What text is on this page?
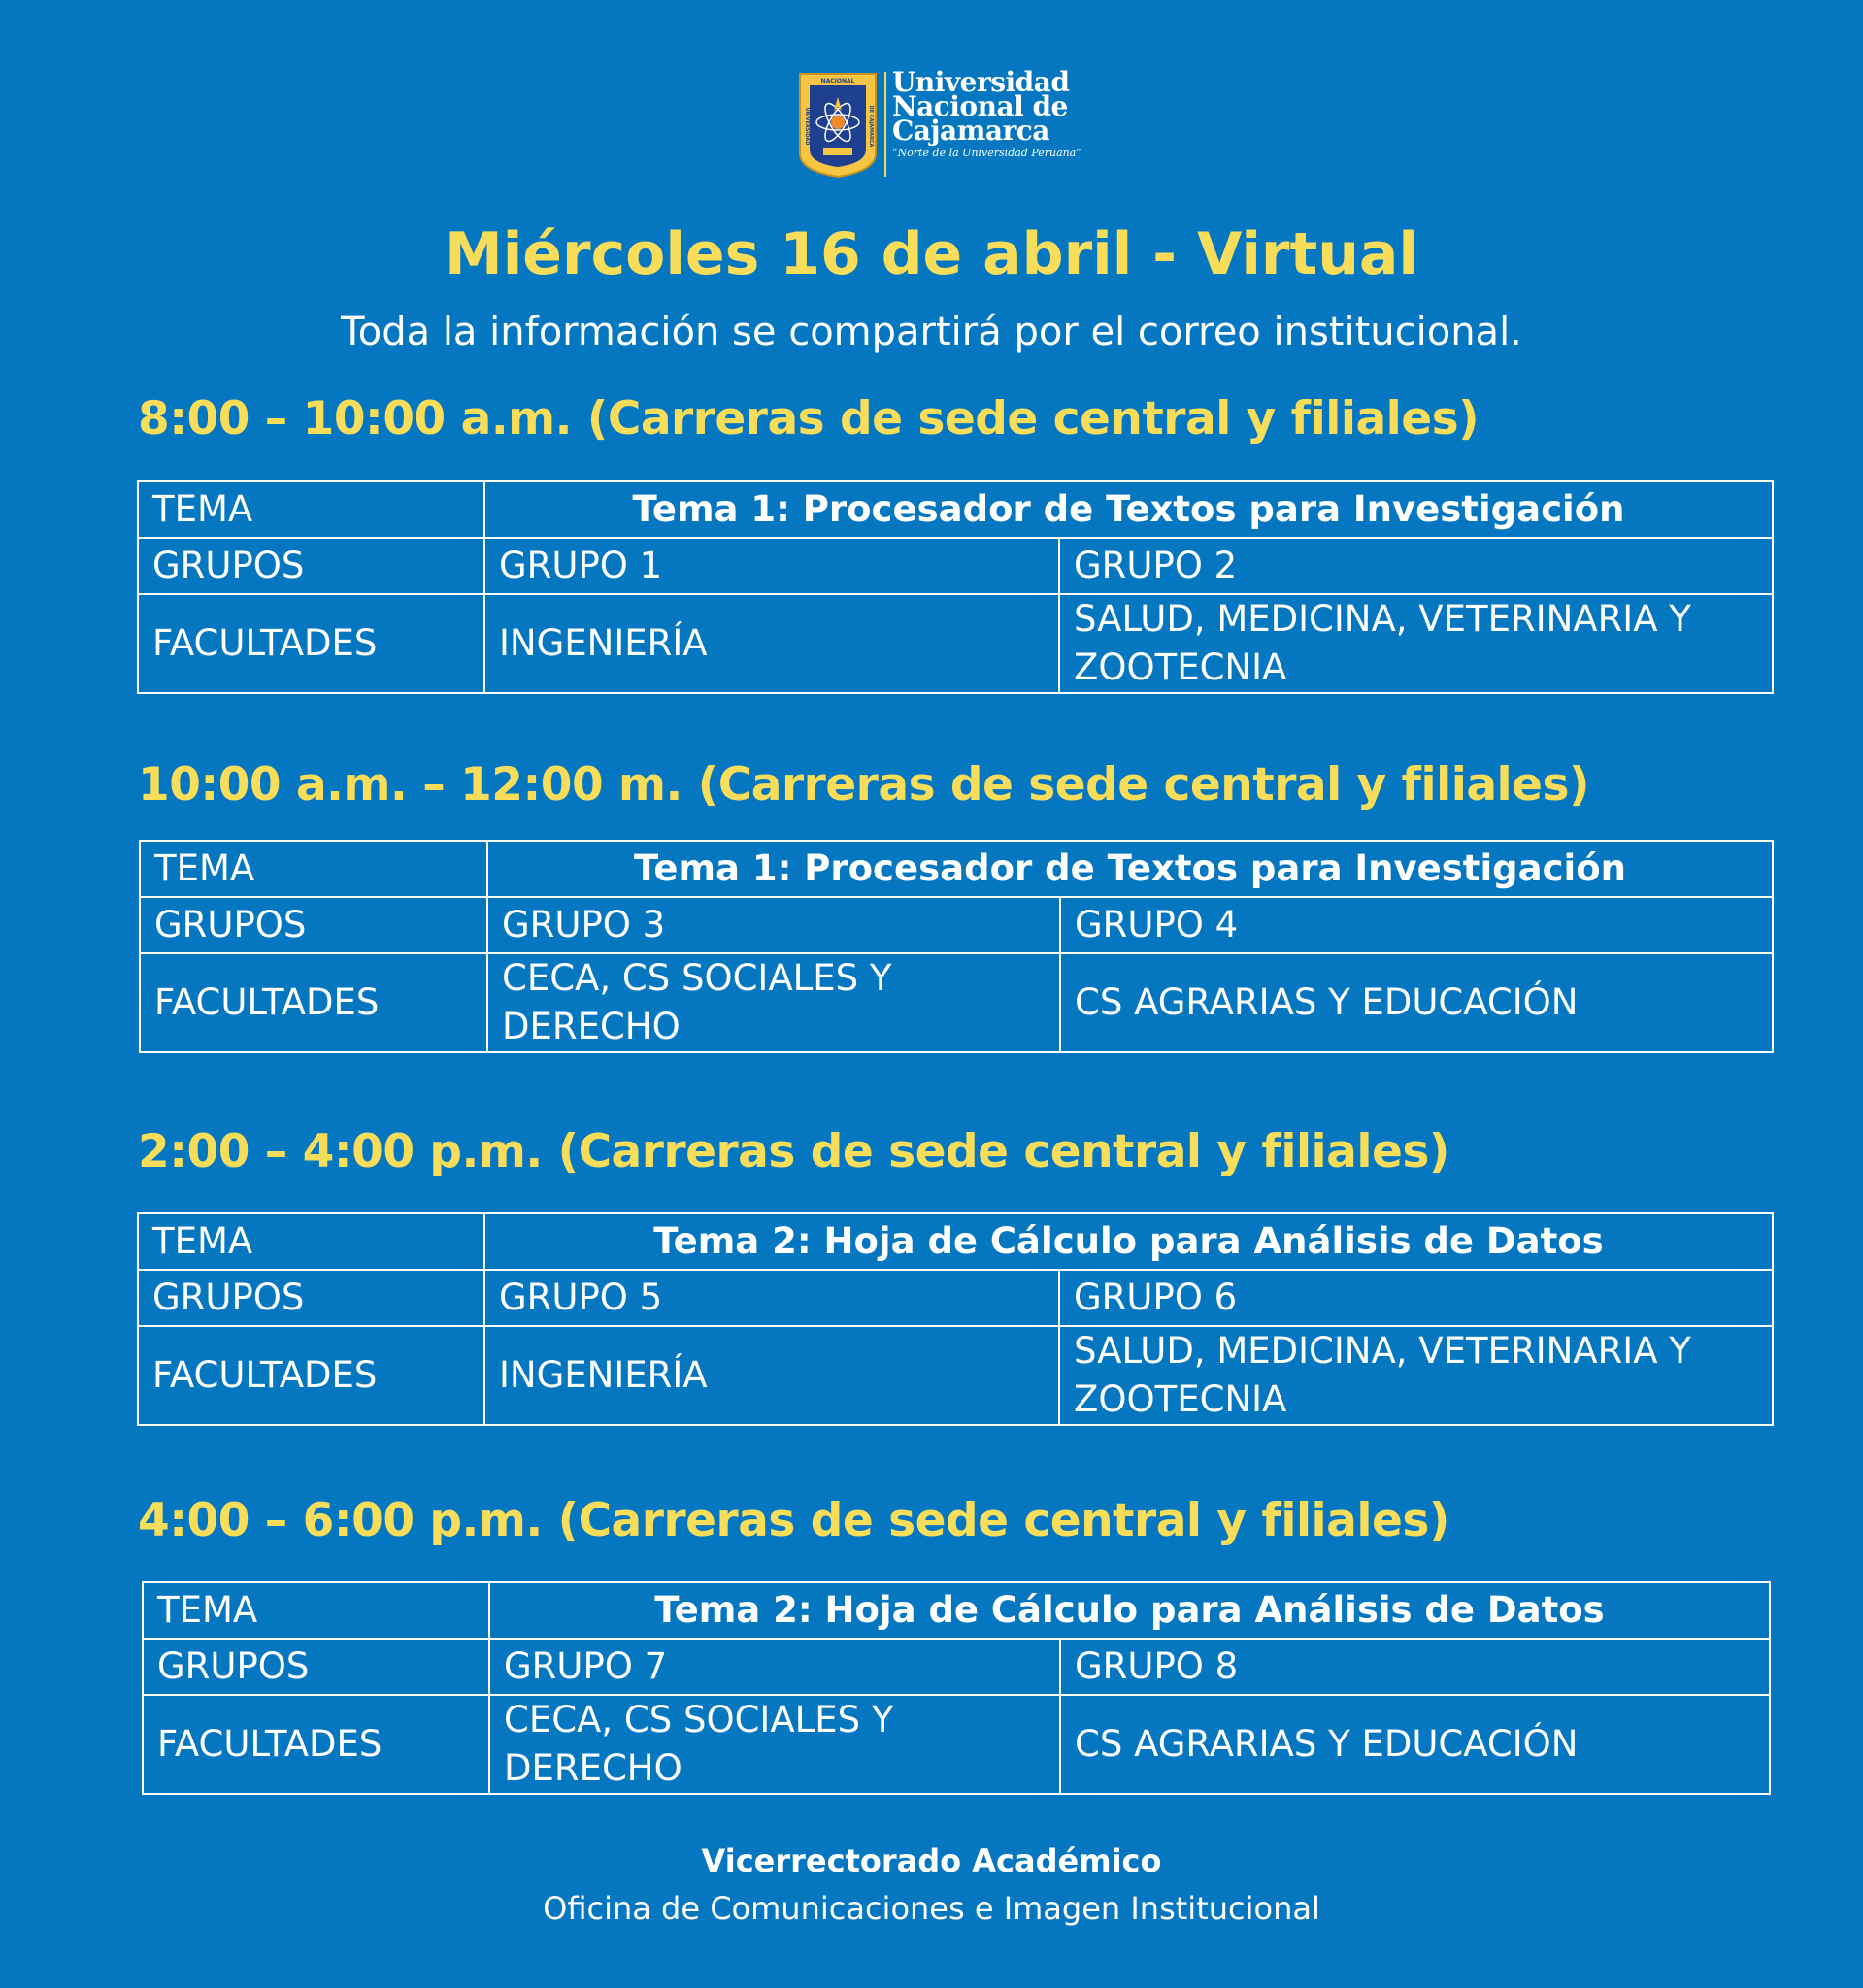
NACIONAL
UNIVERSIDAD	DE CAJAMARCA
Universidad
Nacional de
Cajamarca
“Norte de la Universidad Peruana”
Miércoles 16 de abril - Virtual
Toda la información se compartirá por el correo institucional.
8:00 – 10:00 a.m. (Carreras de sede central y filiales)
TEMA	Tema 1: Procesador de Textos para Investigación	
GRUPOS	GRUPO 1	GRUPO 2
FACULTADES	INGENIERÍA	SALUD, MEDICINA, VETERINARIA Y ZOOTECNIA
10:00 a.m. – 12:00 m. (Carreras de sede central y filiales)
TEMA	Tema 1: Procesador de Textos para Investigación	
GRUPOS	GRUPO 3	GRUPO 4
FACULTADES	CECA, CS SOCIALES Y DERECHO	CS AGRARIAS Y EDUCACIÓN
2:00 – 4:00 p.m. (Carreras de sede central y filiales)
TEMA	Tema 2: Hoja de Cálculo para Análisis de Datos	
GRUPOS	GRUPO 5	GRUPO 6
FACULTADES	INGENIERÍA	SALUD, MEDICINA, VETERINARIA Y ZOOTECNIA
4:00 – 6:00 p.m. (Carreras de sede central y filiales)
TEMA	Tema 2: Hoja de Cálculo para Análisis de Datos	
GRUPOS	GRUPO 7	GRUPO 8
FACULTADES	CECA, CS SOCIALES Y DERECHO	CS AGRARIAS Y EDUCACIÓN
Vicerrectorado Académico
Oficina de Comunicaciones e Imagen Institucional
